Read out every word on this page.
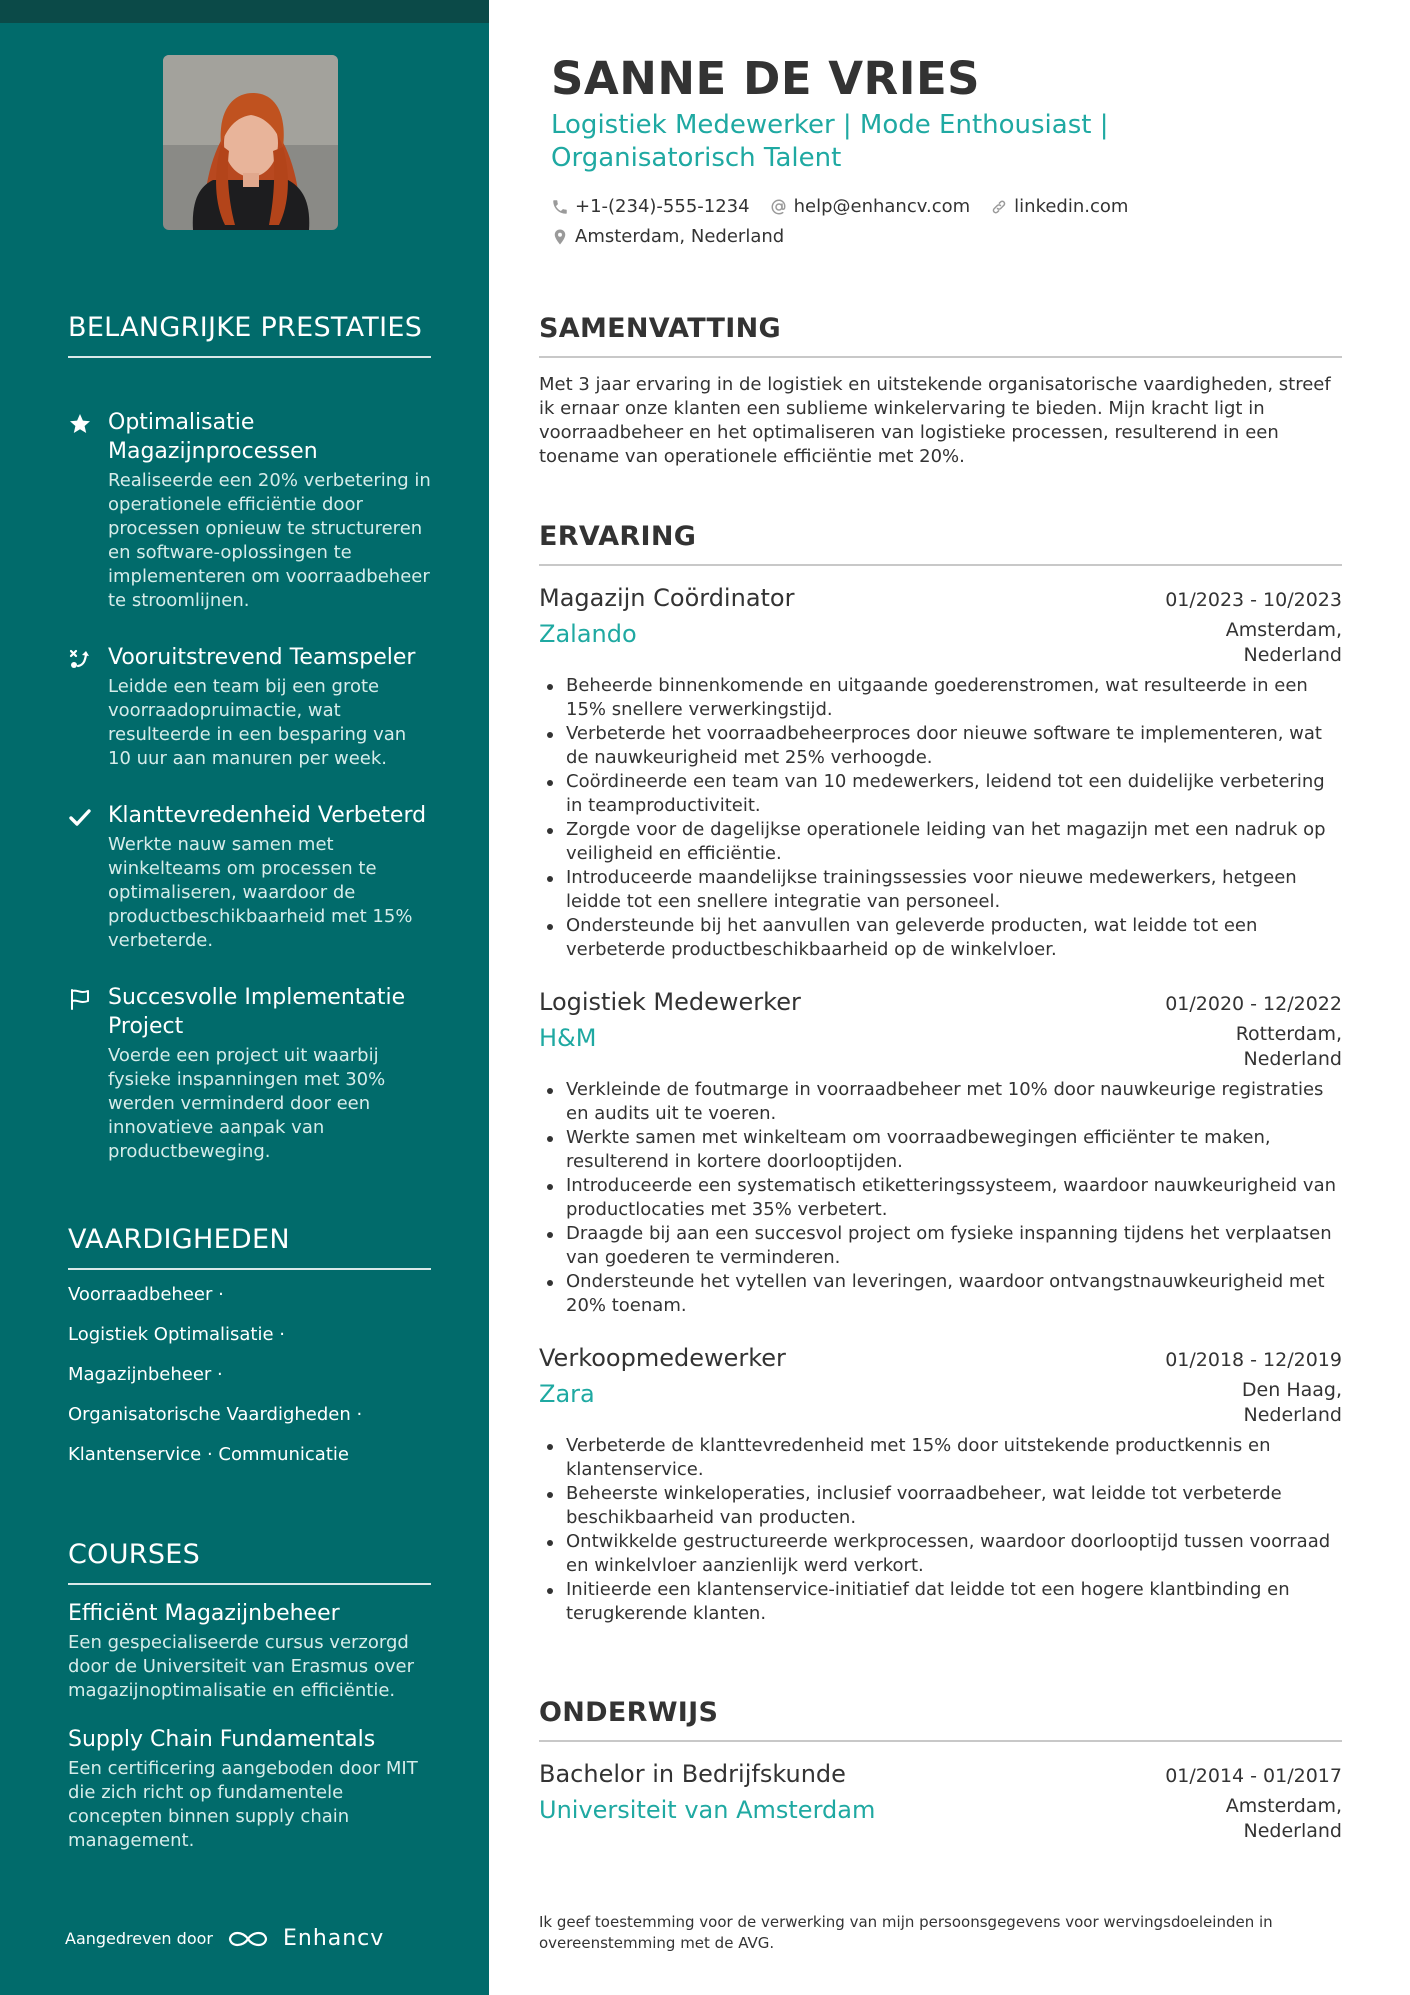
BELANGRIJKE PRESTATIES
Optimalisatie Magazijnprocessen
Realiseerde een 20% verbetering in operationele efficiëntie door processen opnieuw te structureren en software-oplossingen te implementeren om voorraadbeheer te stroomlijnen.
Vooruitstrevend Teamspeler
Leidde een team bij een grote voorraadopruimactie, wat resulteerde in een besparing van 10 uur aan manuren per week.
Klanttevredenheid Verbeterd
Werkte nauw samen met winkelteams om processen te optimaliseren, waardoor de productbeschikbaarheid met 15% verbeterde.
Succesvolle Implementatie Project
Voerde een project uit waarbij fysieke inspanningen met 30% werden verminderd door een innovatieve aanpak van productbeweging.
VAARDIGHEDEN
Voorraadbeheer ·
Logistiek Optimalisatie ·
Magazijnbeheer ·
Organisatorische Vaardigheden ·
Klantenservice · Communicatie
COURSES
Efficiënt Magazijnbeheer
Een gespecialiseerde cursus verzorgd door de Universiteit van Erasmus over magazijnoptimalisatie en efficiëntie.
Supply Chain Fundamentals
Een certificering aangeboden door MIT die zich richt op fundamentele concepten binnen supply chain management.
Aangedreven door	Enhancv
SANNE DE VRIES
Logistiek Medewerker | Mode Enthousiast | Organisatorisch Talent
+1-(234)-555-1234 help@enhancv.com linkedin.com
Amsterdam, Nederland
SAMENVATTING

Met 3 jaar ervaring in de logistiek en uitstekende organisatorische vaardigheden, streef ik ernaar onze klanten een sublieme winkelervaring te bieden. Mijn kracht ligt in voorraadbeheer en het optimaliseren van logistieke processen, resulterend in een toename van operationele efficiëntie met 20%.

ERVARING
Magazijn Coördinator	01/2023 - 10/2023
Zalando	Amsterdam,
Nederland
Beheerde binnenkomende en uitgaande goederenstromen, wat resulteerde in een 15% snellere verwerkingstijd.
Verbeterde het voorraadbeheerproces door nieuwe software te implementeren, wat de nauwkeurigheid met 25% verhoogde.
Coördineerde een team van 10 medewerkers, leidend tot een duidelijke verbetering in teamproductiviteit.
Zorgde voor de dagelijkse operationele leiding van het magazijn met een nadruk op veiligheid en efficiëntie.
Introduceerde maandelijkse trainingssessies voor nieuwe medewerkers, hetgeen leidde tot een snellere integratie van personeel.
Ondersteunde bij het aanvullen van geleverde producten, wat leidde tot een verbeterde productbeschikbaarheid op de winkelvloer.
Logistiek Medewerker	01/2020 - 12/2022
H&M	Rotterdam,
Nederland
Verkleinde de foutmarge in voorraadbeheer met 10% door nauwkeurige registraties en audits uit te voeren.
Werkte samen met winkelteam om voorraadbewegingen efficiënter te maken, resulterend in kortere doorlooptijden.
Introduceerde een systematisch etiketteringssysteem, waardoor nauwkeurigheid van productlocaties met 35% verbetert.
Draagde bij aan een succesvol project om fysieke inspanning tijdens het verplaatsen van goederen te verminderen.
Ondersteunde het vytellen van leveringen, waardoor ontvangstnauwkeurigheid met 20% toenam.
Verkoopmedewerker	01/2018 - 12/2019
Zara	Den Haag,
Nederland
Verbeterde de klanttevredenheid met 15% door uitstekende productkennis en klantenservice.
Beheerste winkeloperaties, inclusief voorraadbeheer, wat leidde tot verbeterde beschikbaarheid van producten.
Ontwikkelde gestructureerde werkprocessen, waardoor doorlooptijd tussen voorraad en winkelvloer aanzienlijk werd verkort.
Initieerde een klantenservice-initiatief dat leidde tot een hogere klantbinding en terugkerende klanten.
ONDERWIJS
Bachelor in Bedrijfskunde	01/2014 - 01/2017
Universiteit van Amsterdam	Amsterdam,
Nederland

Ik geef toestemming voor de verwerking van mijn persoonsgegevens voor wervingsdoeleinden in overeenstemming met de AVG.
